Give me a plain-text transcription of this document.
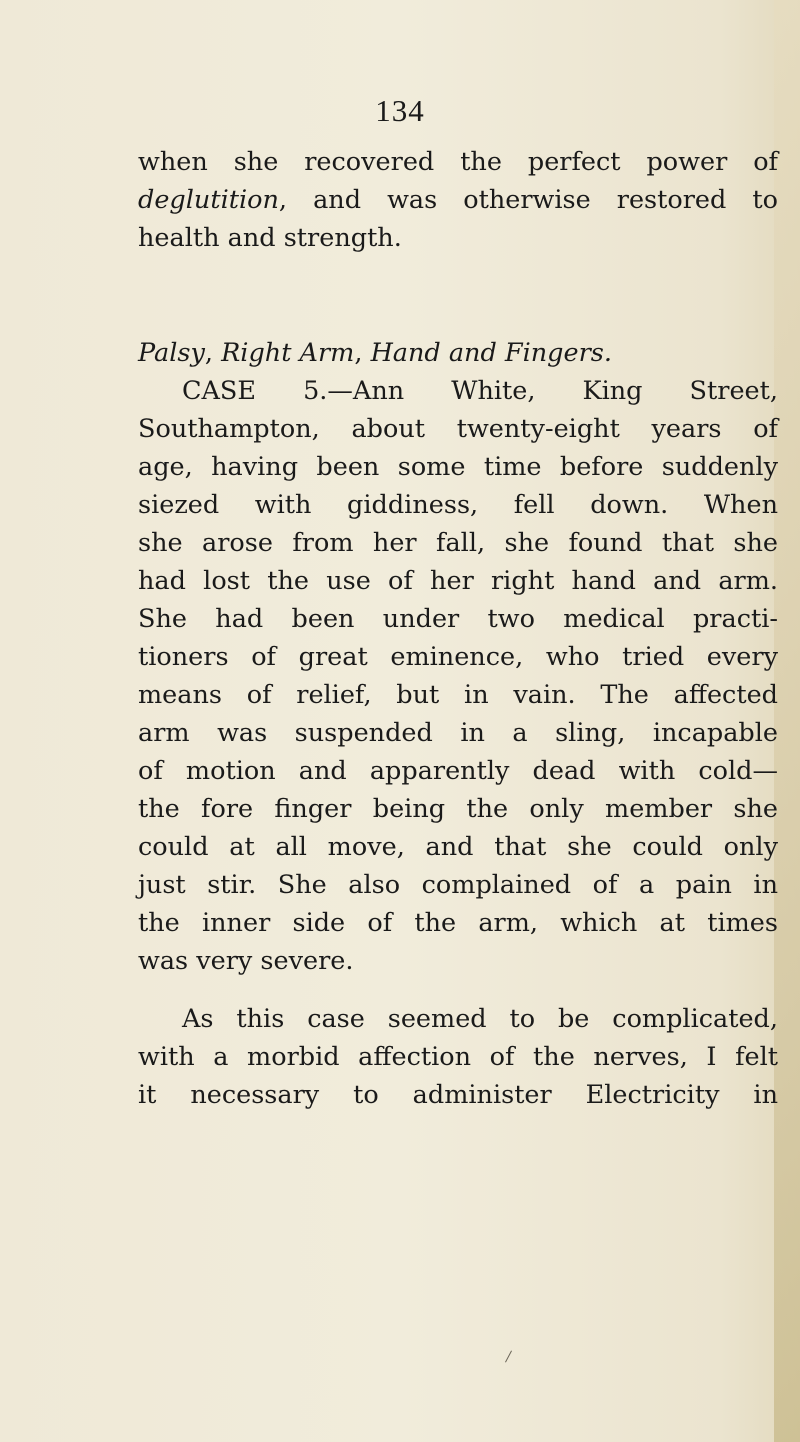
134
when she recovered the perfect power of
deglutition, and was otherwise restored to
health and strength.
Palsy, Right Arm, Hand and Fingers.
CASE 5.—Ann White, King Street,
Southampton, about twenty-eight years of
age, having been some time before suddenly
siezed with giddiness, fell down. When
she arose from her fall, she found that she
had lost the use of her right hand and arm.
She had been under two medical practi-
tioners of great eminence, who tried every
means of relief, but in vain. The affected
arm was suspended in a sling, incapable
of motion and apparently dead with cold—
the fore finger being the only member she
could at all move, and that she could only
just stir. She also complained of a pain in
the inner side of the arm, which at times
was very severe.
As this case seemed to be complicated,
with a morbid affection of the nerves, I felt
it necessary to administer Electricity in
